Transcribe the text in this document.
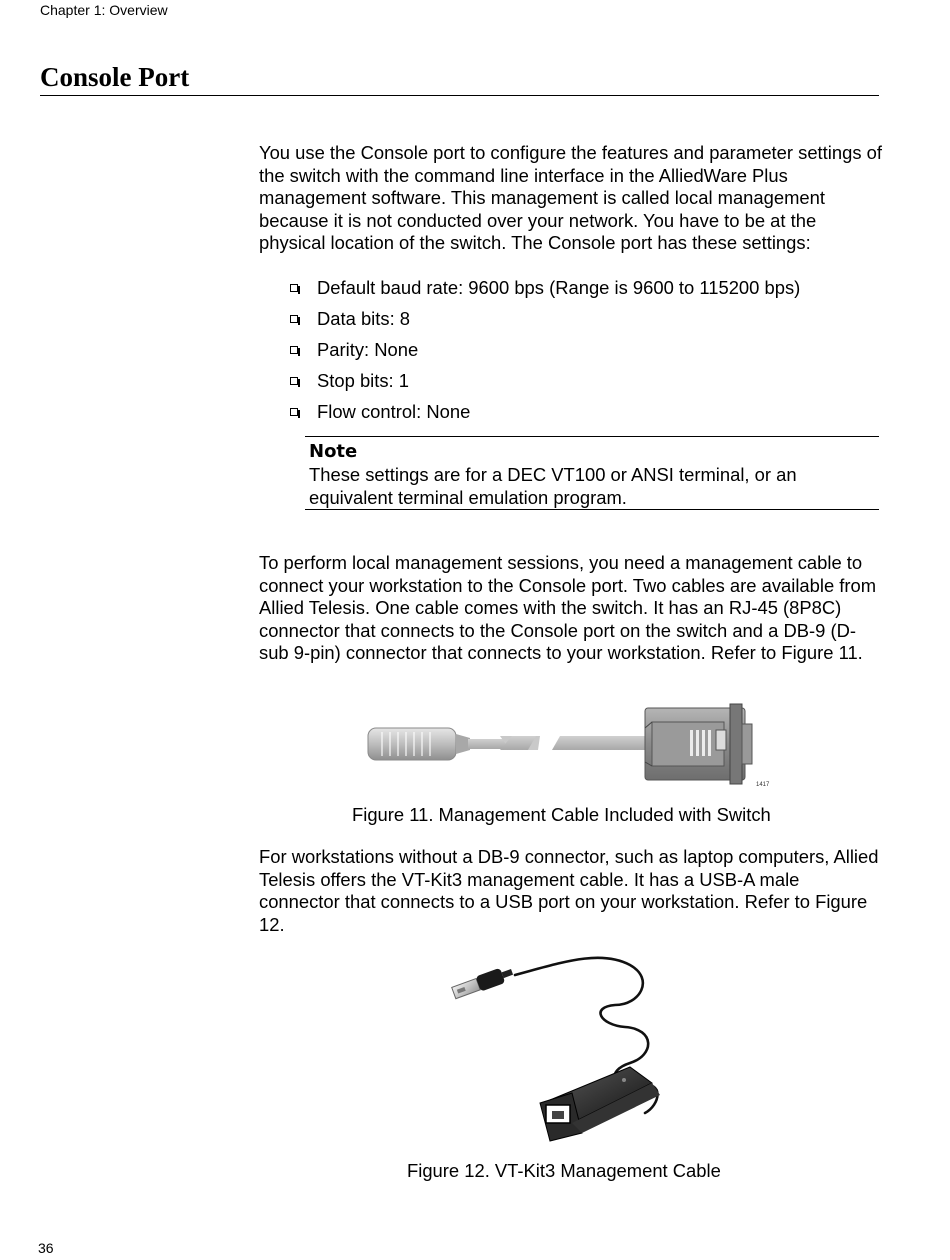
Chapter 1: Overview
Console Port

You use the Console port to configure the features and parameter settings of the switch with the command line interface in the AlliedWare Plus management software. This management is called local management because it is not conducted over your network. You have to be at the physical location of the switch. The Console port has these settings:

Default baud rate: 9600 bps (Range is 9600 to 115200 bps)
Data bits: 8
Parity: None
Stop bits: 1
Flow control: None
Note
These settings are for a DEC VT100 or ANSI terminal, or an equivalent terminal emulation program.

To perform local management sessions, you need a management cable to connect your workstation to the Console port. Two cables are available from Allied Telesis. One cable comes with the switch. It has an RJ-45 (8P8C) connector that connects to the Console port on the switch and a DB-9 (D-sub 9-pin) connector that connects to your workstation. Refer to Figure 11.

1417
Figure 11. Management Cable Included with Switch

For workstations without a DB-9 connector, such as laptop computers, Allied Telesis offers the VT-Kit3 management cable. It has a USB-A male connector that connects to a USB port on your workstation. Refer to Figure 12.

Figure 12. VT-Kit3 Management Cable
36
